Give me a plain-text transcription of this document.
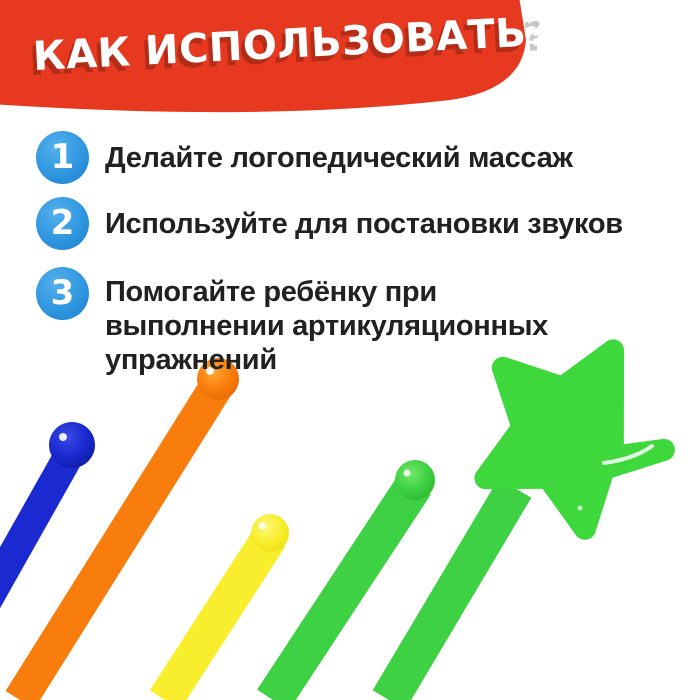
КАК ИСПОЛЬЗОВАТЬ?
1	Делайте логопедический массаж
2	Используйте для постановки звуков
3	Помогайте ребёнку при выполнении артикуляционных упражнений
